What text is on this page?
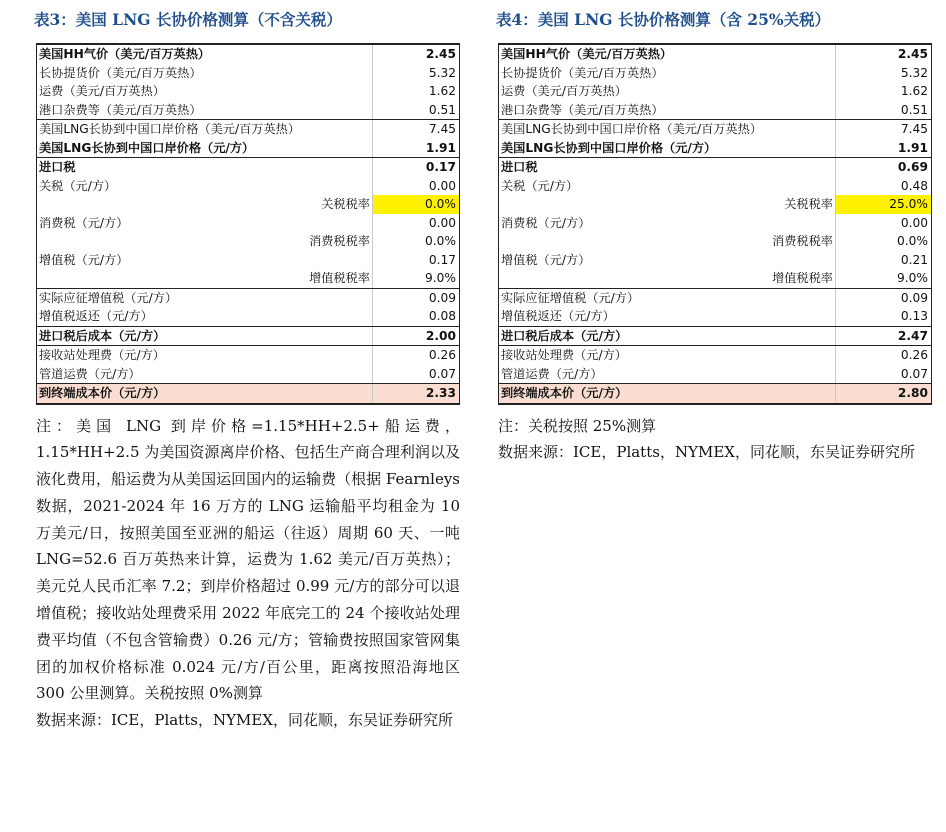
表3：美国 LNG 长协价格测算（不含关税）
美国HH气价（美元/百万英热）	2.45
长协提货价（美元/百万英热）	5.32
运费（美元/百万英热）	1.62
港口杂费等（美元/百万英热）	0.51
美国LNG长协到中国口岸价格（美元/百万英热）	7.45
美国LNG长协到中国口岸价格（元/方）	1.91
进口税	0.17
关税（元/方）	0.00
关税税率	0.0%
消费税（元/方）	0.00
消费税税率	0.0%
增值税（元/方）	0.17
增值税税率	9.0%
实际应征增值税（元/方）	0.09
增值税返还（元/方）	0.08
进口税后成本（元/方）	2.00
接收站处理费（元/方）	0.26
管道运费（元/方）	0.07
到终端成本价（元/方）	2.33

注：美国 LNG 到岸价格=1.15*HH+2.5+船运费，1.15*HH+2.5 为美国资源离岸价格、包括生产商合理利润以及液化费用，船运费为从美国运回国内的运输费（根据 Fearnleys 数据，2021-2024 年 16 万方的 LNG 运输船平均租金为 10 万美元/日，按照美国至亚洲的船运（往返）周期 60 天、一吨 LNG=52.6 百万英热来计算，运费为 1.62 美元/百万英热）；美元兑人民币汇率 7.2；到岸价格超过 0.99 元/方的部分可以退增值税；接收站处理费采用 2022 年底完工的 24 个接收站处理费平均值（不包含管输费）0.26 元/方；管输费按照国家管网集团的加权价格标准 0.024 元/方/百公里，距离按照沿海地区 300 公里测算。关税按照 0%测算

数据来源：ICE，Platts，NYMEX，同花顺，东吴证券研究所

表4：美国 LNG 长协价格测算（含 25%关税）
美国HH气价（美元/百万英热）	2.45
长协提货价（美元/百万英热）	5.32
运费（美元/百万英热）	1.62
港口杂费等（美元/百万英热）	0.51
美国LNG长协到中国口岸价格（美元/百万英热）	7.45
美国LNG长协到中国口岸价格（元/方）	1.91
进口税	0.69
关税（元/方）	0.48
关税税率	25.0%
消费税（元/方）	0.00
消费税税率	0.0%
增值税（元/方）	0.21
增值税税率	9.0%
实际应征增值税（元/方）	0.09
增值税返还（元/方）	0.13
进口税后成本（元/方）	2.47
接收站处理费（元/方）	0.26
管道运费（元/方）	0.07
到终端成本价（元/方）	2.80

注：关税按照 25%测算

数据来源：ICE，Platts，NYMEX，同花顺，东吴证券研究所
